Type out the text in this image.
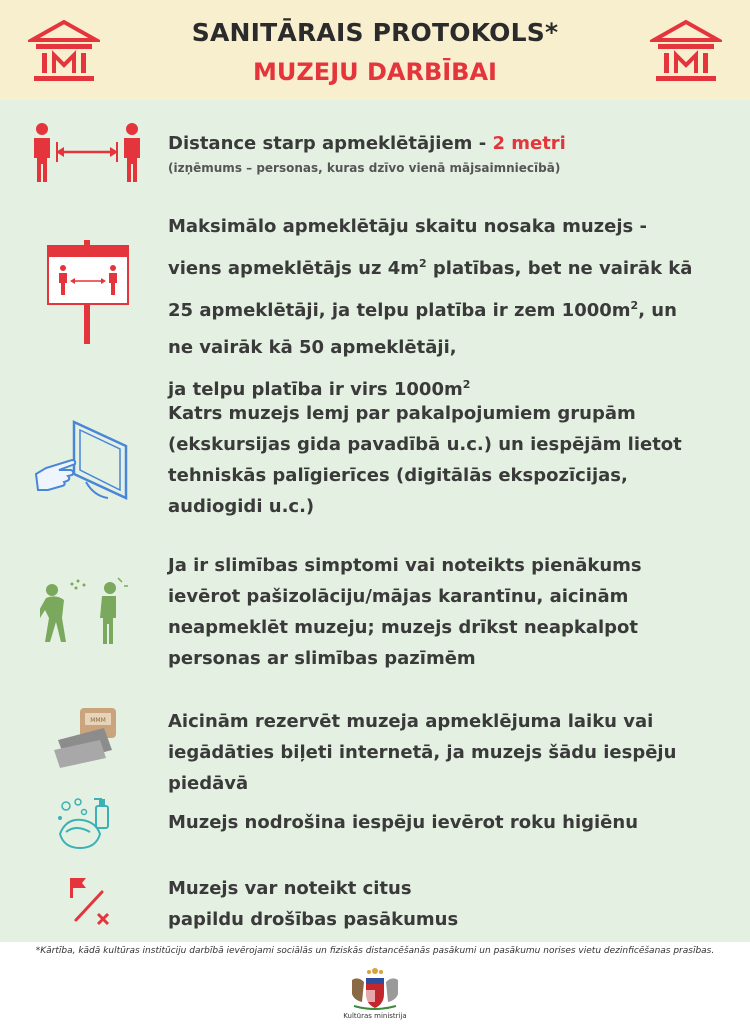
SANITĀRAIS PROTOKOLS*
MUZEJU DARBĪBAI
Distance starp apmeklētājiem - 2 metri
(izņēmums – personas, kuras dzīvo vienā mājsaimniecībā)
Maksimālo apmeklētāju skaitu nosaka muzejs -
viens apmeklētājs uz $4m^2$ platības, bet ne vairāk kā
25 apmeklētāji, ja telpu platība ir zem $1000m^2$, un
ne vairāk kā 50 apmeklētāji,
ja telpu platība ir virs $1000m^2$
Katrs muzejs lemj par pakalpojumiem grupām
(ekskursijas gida pavadībā u.c.) un iespējām lietot
tehniskās palīgierīces (digitālās ekspozīcijas,
audiogidi u.c.)
Ja ir slimības simptomi vai noteikts pienākums
ievērot pašizolāciju/mājas karantīnu, aicinām
neapmeklēt muzeju; muzejs drīkst neapkalpot
personas ar slimības pazīmēm
MMM	Aicinām rezervēt muzeja apmeklējuma laiku vai
iegādāties biļeti internetā, ja muzejs šādu iespēju piedāvā
Muzejs nodrošina iespēju ievērot roku higiēnu
Muzejs var noteikt citus
papildu drošības pasākumus
*Kārtība, kādā kultūras institūciju darbībā ievērojami sociālās un fiziskās distancēšanās pasākumi un pasākumu norises vietu dezinficēšanas prasības.
Kultūras ministrija
